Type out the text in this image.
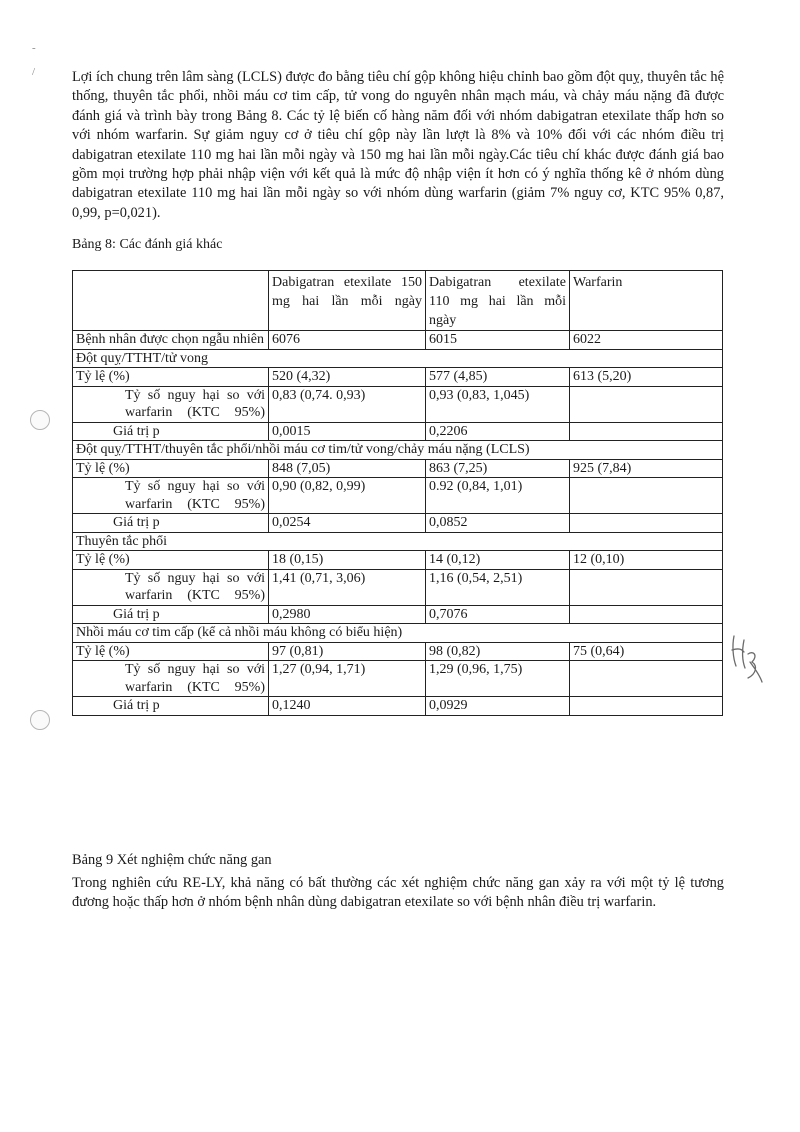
-
/	Lợi ích chung trên lâm sàng (LCLS) được đo bằng tiêu chí gộp không hiệu chỉnh bao gồm đột quỵ, thuyên tắc hệ thống, thuyên tắc phổi, nhồi máu cơ tim cấp, tử vong do nguyên nhân mạch máu, và chảy máu nặng đã được đánh giá và trình bày trong Bảng 8. Các tỷ lệ biến cố hàng năm đối với nhóm dabigatran etexilate thấp hơn so với nhóm warfarin. Sự giảm nguy cơ ở tiêu chí gộp này lần lượt là 8% và 10% đối với các nhóm điều trị dabigatran etexilate 110 mg hai lần mỗi ngày và 150 mg hai lần mỗi ngày.Các tiêu chí khác được đánh giá bao gồm mọi trường hợp phải nhập viện với kết quả là mức độ nhập viện ít hơn có ý nghĩa thống kê ở nhóm dùng dabigatran etexilate 110 mg hai lần mỗi ngày so với nhóm dùng warfarin (giảm 7% nguy cơ, KTC 95% 0,87, 0,99, p=0,021).

Bảng 8: Các đánh giá khác

	Dabigatran etexilate 150 mg hai lần mỗi ngày	Dabigatran etexilate 110 mg hai lần mỗi ngày	Warfarin
Bệnh nhân được chọn ngẫu nhiên	6076	6015	6022
Đột quỵ/TTHT/tử vong			
Tỷ lệ (%)	520 (4,32)	577 (4,85)	613 (5,20)
Tỷ số nguy hại so với warfarin (KTC 95%)	0,83 (0,74. 0,93)	0,93 (0,83, 1,045)	
Giá trị p	0,0015	0,2206	
Đột quỵ/TTHT/thuyên tắc phổi/nhồi máu cơ tim/tử vong/chảy máu nặng (LCLS)			
Tỷ lệ (%)	848 (7,05)	863 (7,25)	925 (7,84)
Tỷ số nguy hại so với warfarin (KTC 95%)	0,90 (0,82, 0,99)	0.92 (0,84, 1,01)	
Giá trị p	0,0254	0,0852	
Thuyên tắc phổi			
Tỷ lệ (%)	18 (0,15)	14 (0,12)	12 (0,10)
Tỷ số nguy hại so với warfarin (KTC 95%)	1,41 (0,71, 3,06)	1,16 (0,54, 2,51)	
Giá trị p	0,2980	0,7076	
Nhồi máu cơ tim cấp (kể cả nhồi máu không có biểu hiện)			
Tỷ lệ (%)	97 (0,81)	98 (0,82)	75 (0,64)
Tỷ số nguy hại so với warfarin (KTC 95%)	1,27 (0,94, 1,71)	1,29 (0,96, 1,75)	
Giá trị p	0,1240	0,0929	

Bảng 9 Xét nghiệm chức năng gan

Trong nghiên cứu RE-LY, khả năng có bất thường các xét nghiệm chức năng gan xảy ra với một tỷ lệ tương đương hoặc thấp hơn ở nhóm bệnh nhân dùng dabigatran etexilate so với bệnh nhân điều trị warfarin.
